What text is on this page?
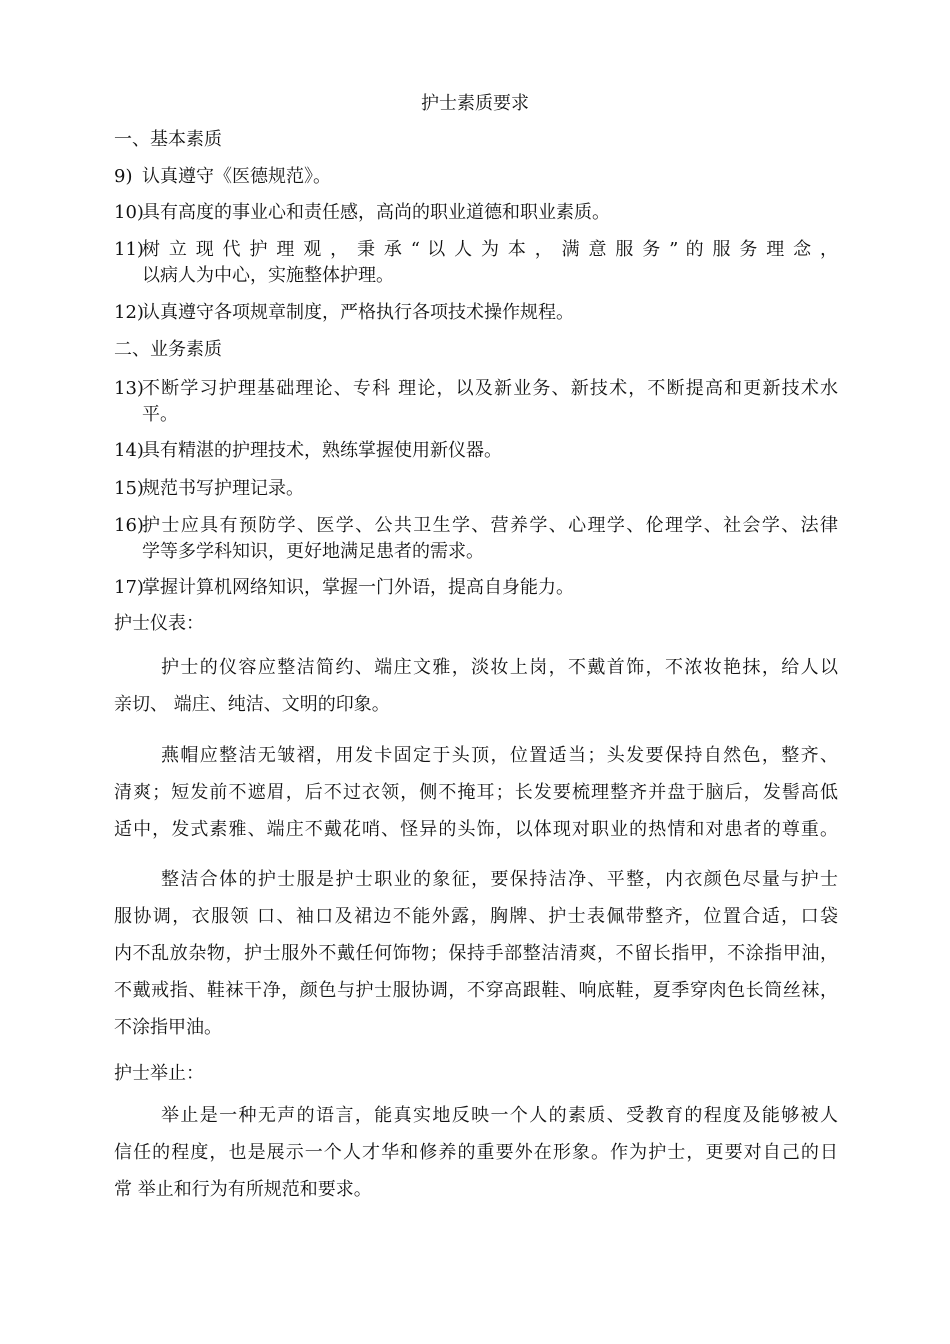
护士素质要求
一、基本素质
9) 认真遵守《医德规范》。
10)
具有高度的事业心和责任感，高尚的职业道德和职业素质。
11)
树 立 现 代 护 理 观 ， 秉 承 “ 以 人 为 本 ， 满 意 服 务 ” 的 服 务 理 念 ，
以病人为中心，实施整体护理。
12)
认真遵守各项规章制度，严格执行各项技术操作规程。
二、业务素质
13)
不断学习护理基础理论、专科 理论，以及新业务、新技术，不断提高和更新技术水
平。
14)
具有精湛的护理技术，熟练掌握使用新仪器。
15)
规范书写护理记录。
16)
护士应具有预防学、医学、公共卫生学、营养学、心理学、伦理学、社会学、法律
学等多学科知识，更好地满足患者的需求。
17)
掌握计算机网络知识，掌握一门外语，提高自身能力。
护士仪表：
护士的仪容应整洁简约、端庄文雅，淡妆上岗，不戴首饰，不浓妆艳抹，给人以
亲切、 端庄、纯洁、文明的印象。
燕帽应整洁无皱褶，用发卡固定于头顶，位置适当；头发要保持自然色，整齐、
清爽；短发前不遮眉，后不过衣领，侧不掩耳；长发要梳理整齐并盘于脑后，发髻高低
适中，发式素雅、端庄不戴花哨、怪异的头饰，以体现对职业的热情和对患者的尊重。
整洁合体的护士服是护士职业的象征，要保持洁净、平整，内衣颜色尽量与护士
服协调，衣服领 口、袖口及裙边不能外露，胸牌、护士表佩带整齐，位置合适，口袋
内不乱放杂物，护士服外不戴任何饰物；保持手部整洁清爽，不留长指甲，不涂指甲油，
不戴戒指、鞋袜干净，颜色与护士服协调，不穿高跟鞋、响底鞋，夏季穿肉色长筒丝袜，
不涂指甲油。
护士举止：
举止是一种无声的语言，能真实地反映一个人的素质、受教育的程度及能够被人
信任的程度，也是展示一个人才华和修养的重要外在形象。作为护士，更要对自己的日
常 举止和行为有所规范和要求。
